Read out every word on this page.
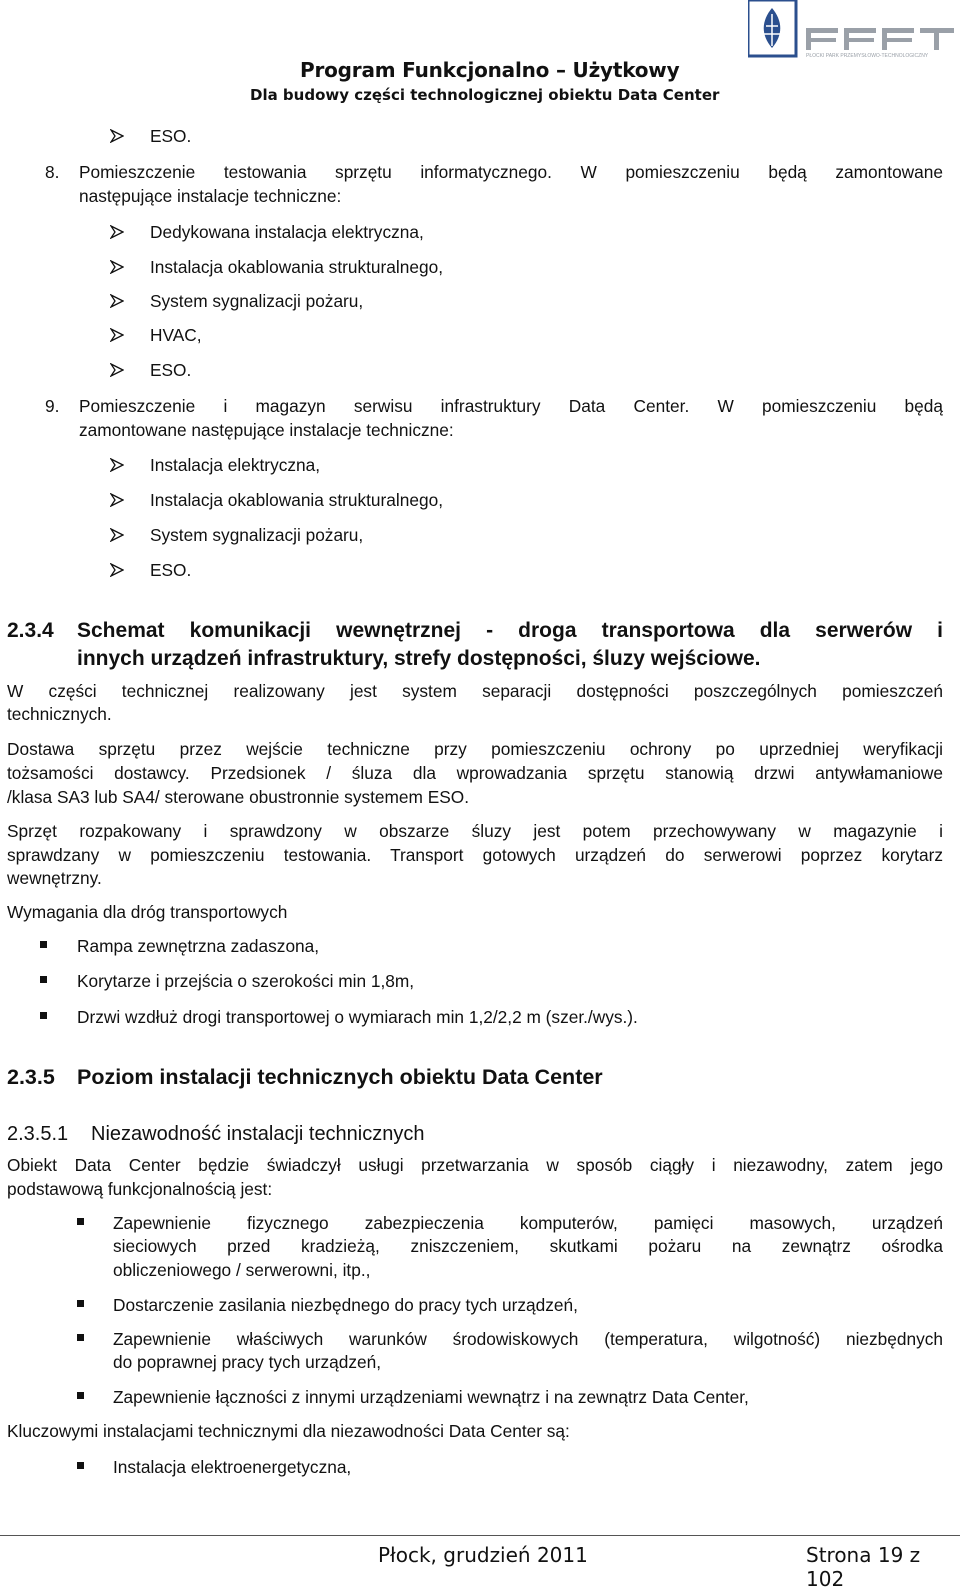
PŁOCKI PARK PRZEMYSŁOWO-TECHNOLOGICZNY
Program Funkcjonalno – Użytkowy
Dla budowy części technologicznej obiektu Data Center
ESO.
8. Pomieszczenie testowania sprzętu informatycznego. W pomieszczeniu będą zamontowane
następujące instalacje techniczne:
Dedykowana instalacja elektryczna,
Instalacja okablowania strukturalnego,
System sygnalizacji pożaru,
HVAC,
ESO.
9. Pomieszczenie i magazyn serwisu infrastruktury Data Center. W pomieszczeniu będą
zamontowane następujące instalacje techniczne:
Instalacja elektryczna,
Instalacja okablowania strukturalnego,
System sygnalizacji pożaru,
ESO.
2.3.4 Schemat komunikacji wewnętrznej - droga transportowa dla serwerów i
innych urządzeń infrastruktury, strefy dostępności, śluzy wejściowe.
W części technicznej realizowany jest system separacji dostępności poszczególnych pomieszczeń
technicznych.
Dostawa sprzętu przez wejście techniczne przy pomieszczeniu ochrony po uprzedniej weryfikacji
tożsamości dostawcy. Przedsionek / śluza dla wprowadzania sprzętu stanowią drzwi antywłamaniowe
/klasa SA3 lub SA4/ sterowane obustronnie systemem ESO.
Sprzęt rozpakowany i sprawdzony w obszarze śluzy jest potem przechowywany w magazynie i
sprawdzany w pomieszczeniu testowania. Transport gotowych urządzeń do serwerowi poprzez korytarz
wewnętrzny.
Wymagania dla dróg transportowych
Rampa zewnętrzna zadaszona,
Korytarze i przejścia o szerokości min 1,8m,
Drzwi wzdłuż drogi transportowej o wymiarach min 1,2/2,2 m (szer./wys.).
2.3.5 Poziom instalacji technicznych obiektu Data Center
2.3.5.1 Niezawodność instalacji technicznych
Obiekt Data Center będzie świadczył usługi przetwarzania w sposób ciągły i niezawodny, zatem jego
podstawową funkcjonalnością jest:
Zapewnienie fizycznego zabezpieczenia komputerów, pamięci masowych, urządzeń
sieciowych przed kradzieżą, zniszczeniem, skutkami pożaru na zewnątrz ośrodka
obliczeniowego / serwerowni, itp.,
Dostarczenie zasilania niezbędnego do pracy tych urządzeń,
Zapewnienie właściwych warunków środowiskowych (temperatura, wilgotność) niezbędnych
do poprawnej pracy tych urządzeń,
Zapewnienie łączności z innymi urządzeniami wewnątrz i na zewnątrz Data Center,
Kluczowymi instalacjami technicznymi dla niezawodności Data Center są:
Instalacja elektroenergetyczna,
Płock, grudzień 2011	Strona 19 z 102
